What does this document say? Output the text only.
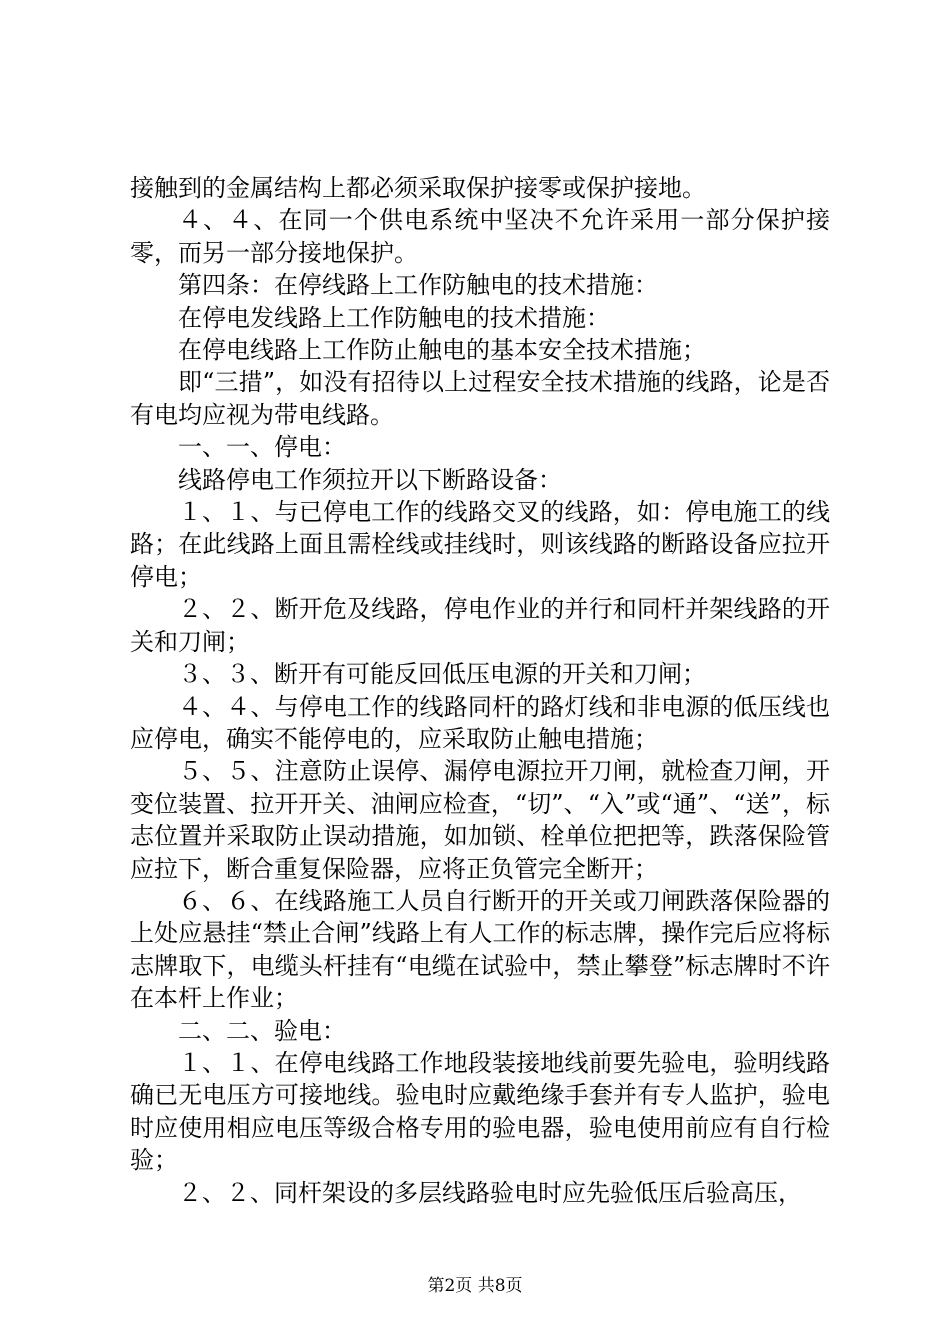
接触到的金属结构上都必须采取保护接零或保护接地。

４、４、在同一个供电系统中坚决不允许采用一部分保护接零，而另一部分接地保护。

第四条：在停线路上工作防触电的技术措施：

在停电发线路上工作防触电的技术措施：

在停电线路上工作防止触电的基本安全技术措施；

即“三措”，如没有招待以上过程安全技术措施的线路，论是否有电均应视为带电线路。

一、一、停电：

线路停电工作须拉开以下断路设备：

１、１、与已停电工作的线路交叉的线路，如：停电施工的线路；在此线路上面且需栓线或挂线时，则该线路的断路设备应拉开停电；

２、２、断开危及线路，停电作业的并行和同杆并架线路的开关和刀闸；

３、３、断开有可能反回低压电源的开关和刀闸；

４、４、与停电工作的线路同杆的路灯线和非电源的低压线也应停电，确实不能停电的，应采取防止触电措施；

５、５、注意防止误停、漏停电源拉开刀闸，就检查刀闸，开变位装置、拉开开关、油闸应检查，“切”、“入”或“通”、“送”，标志位置并采取防止误动措施，如加锁、栓单位把把等，跌落保险管应拉下，断合重复保险器，应将正负管完全断开；

６、６、在线路施工人员自行断开的开关或刀闸跌落保险器的上处应悬挂“禁止合闸”线路上有人工作的标志牌，操作完后应将标志牌取下，电缆头杆挂有“电缆在试验中，禁止攀登”标志牌时不许在本杆上作业；

二、二、验电：

１、１、在停电线路工作地段装接地线前要先验电，验明线路确已无电压方可接地线。验电时应戴绝缘手套并有专人监护，验电时应使用相应电压等级合格专用的验电器，验电使用前应有自行检验；

２、２、同杆架设的多层线路验电时应先验低压后验高压，

第2页 共8页
